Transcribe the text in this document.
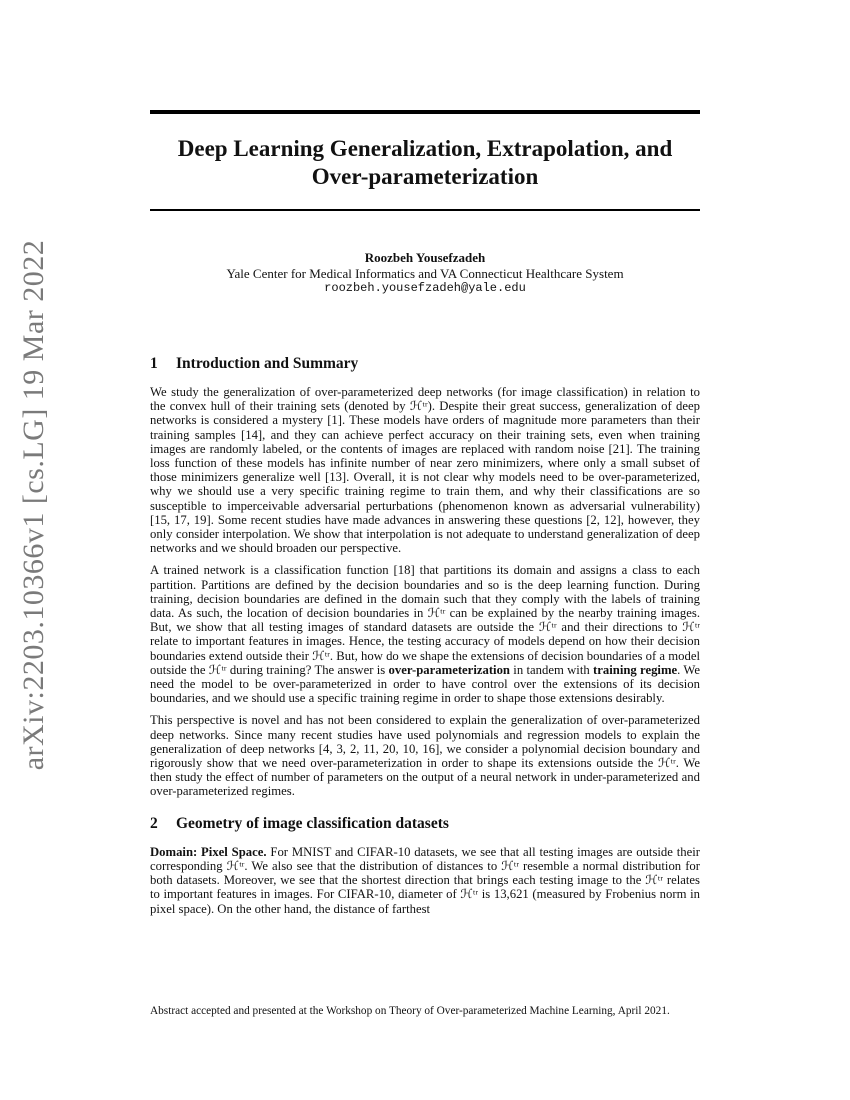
arXiv:2203.10366v1 [cs.LG] 19 Mar 2022
Deep Learning Generalization, Extrapolation, and Over-parameterization
Roozbeh Yousefzadeh
Yale Center for Medical Informatics and VA Connecticut Healthcare System
roozbeh.yousefzadeh@yale.edu
1 Introduction and Summary

We study the generalization of over-parameterized deep networks (for image classification) in relation to the convex hull of their training sets (denoted by ℋᵗʳ). Despite their great success, generalization of deep networks is considered a mystery [1]. These models have orders of magnitude more parameters than their training samples [14], and they can achieve perfect accuracy on their training sets, even when training images are randomly labeled, or the contents of images are replaced with random noise [21]. The training loss function of these models has infinite number of near zero minimizers, where only a small subset of those minimizers generalize well [13]. Overall, it is not clear why models need to be over-parameterized, why we should use a very specific training regime to train them, and why their classifications are so susceptible to imperceivable adversarial perturbations (phenomenon known as adversarial vulnerability) [15, 17, 19]. Some recent studies have made advances in answering these questions [2, 12], however, they only consider interpolation. We show that interpolation is not adequate to understand generalization of deep networks and we should broaden our perspective.

A trained network is a classification function [18] that partitions its domain and assigns a class to each partition. Partitions are defined by the decision boundaries and so is the deep learning function. During training, decision boundaries are defined in the domain such that they comply with the labels of training data. As such, the location of decision boundaries in ℋᵗʳ can be explained by the nearby training images. But, we show that all testing images of standard datasets are outside the ℋᵗʳ and their directions to ℋᵗʳ relate to important features in images. Hence, the testing accuracy of models depend on how their decision boundaries extend outside their ℋᵗʳ. But, how do we shape the extensions of decision boundaries of a model outside the ℋᵗʳ during training? The answer is over-parameterization in tandem with training regime. We need the model to be over-parameterized in order to have control over the extensions of its decision boundaries, and we should use a specific training regime in order to shape those extensions desirably.

This perspective is novel and has not been considered to explain the generalization of over-parameterized deep networks. Since many recent studies have used polynomials and regression models to explain the generalization of deep networks [4, 3, 2, 11, 20, 10, 16], we consider a polynomial decision boundary and rigorously show that we need over-parameterization in order to shape its extensions outside the ℋᵗʳ. We then study the effect of number of parameters on the output of a neural network in under-parameterized and over-parameterized regimes.

2 Geometry of image classification datasets

Domain: Pixel Space. For MNIST and CIFAR-10 datasets, we see that all testing images are outside their corresponding ℋᵗʳ. We also see that the distribution of distances to ℋᵗʳ resemble a normal distribution for both datasets. Moreover, we see that the shortest direction that brings each testing image to the ℋᵗʳ relates to important features in images. For CIFAR-10, diameter of ℋᵗʳ is 13,621 (measured by Frobenius norm in pixel space). On the other hand, the distance of farthest

Abstract accepted and presented at the Workshop on Theory of Over-parameterized Machine Learning, April 2021.
